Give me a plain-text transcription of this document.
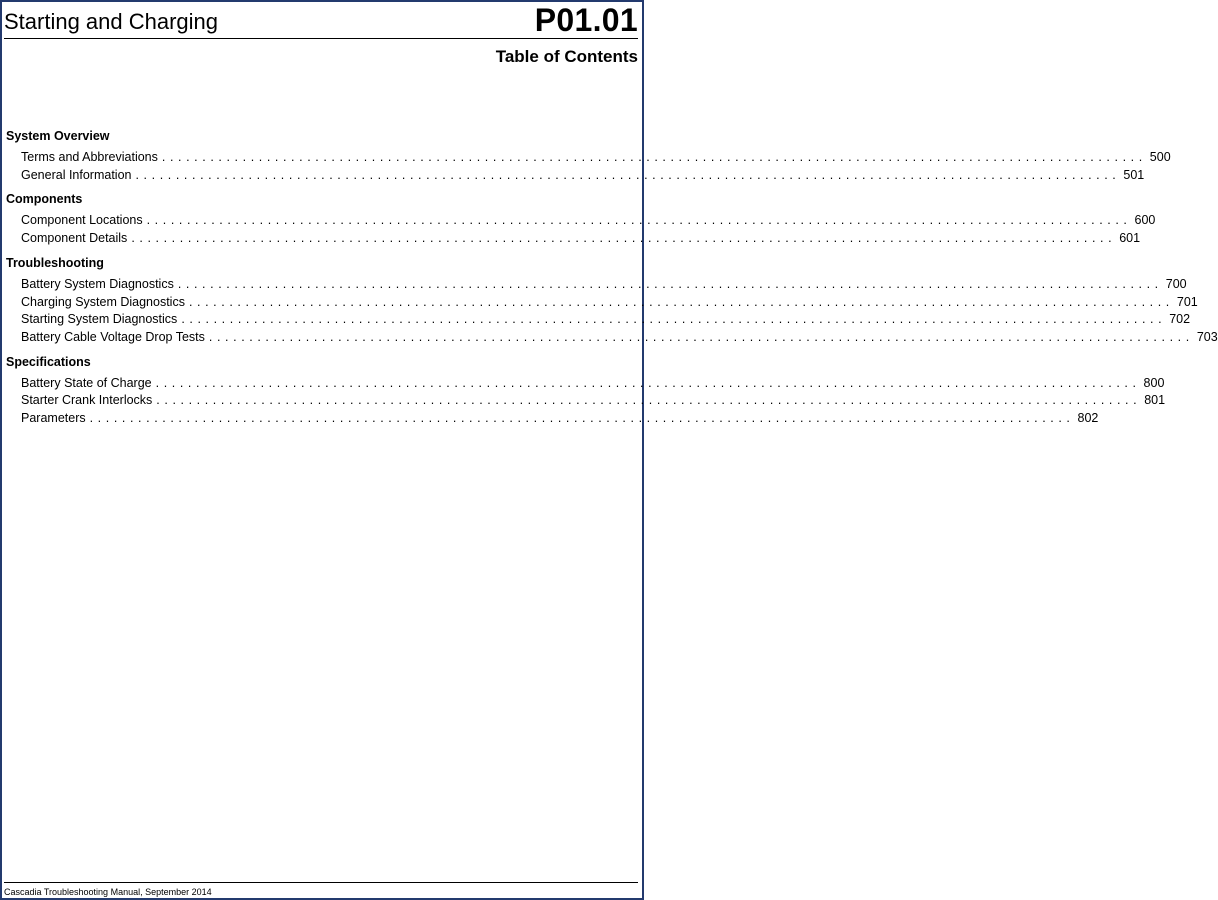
Starting and Charging	P01.01
Table of Contents
System Overview
Terms and Abbreviations .......................................................................................................................... 500
General Information .......................................................................................................................... 501
Components
Component Locations .......................................................................................................................... 600
Component Details .......................................................................................................................... 601
Troubleshooting
Battery System Diagnostics .......................................................................................................................... 700
Charging System Diagnostics .......................................................................................................................... 701
Starting System Diagnostics .......................................................................................................................... 702
Battery Cable Voltage Drop Tests .......................................................................................................................... 703
Specifications
Battery State of Charge .......................................................................................................................... 800
Starter Crank Interlocks .......................................................................................................................... 801
Parameters .......................................................................................................................... 802
Cascadia Troubleshooting Manual, September 2014
